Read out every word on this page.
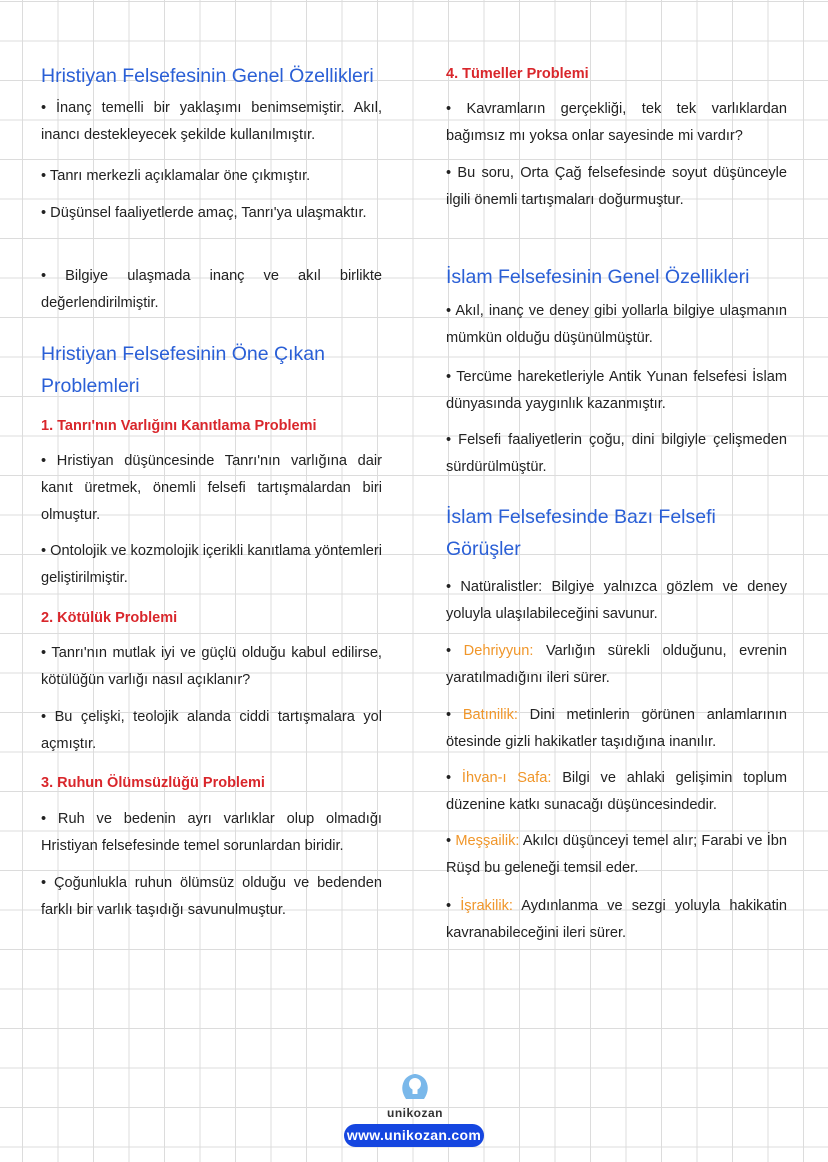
Hristiyan Felsefesinin Genel Özellikleri
• İnanç temelli bir yaklaşımı benimsemiştir. Akıl, inancı destekleyecek şekilde kullanılmıştır.
• Tanrı merkezli açıklamalar öne çıkmıştır.
• Düşünsel faaliyetlerde amaç, Tanrı'ya ulaşmaktır.
• Bilgiye ulaşmada inanç ve akıl birlikte değerlendirilmiştir.
Hristiyan Felsefesinin Öne Çıkan Problemleri
1. Tanrı'nın Varlığını Kanıtlama Problemi
• Hristiyan düşüncesinde Tanrı'nın varlığına dair kanıt üretmek, önemli felsefi tartışmalardan biri olmuştur.
• Ontolojik ve kozmolojik içerikli kanıtlama yöntemleri geliştirilmiştir.
2. Kötülük Problemi
• Tanrı'nın mutlak iyi ve güçlü olduğu kabul edilirse, kötülüğün varlığı nasıl açıklanır?
• Bu çelişki, teolojik alanda ciddi tartışmalara yol açmıştır.
3. Ruhun Ölümsüzlüğü Problemi
• Ruh ve bedenin ayrı varlıklar olup olmadığı Hristiyan felsefesinde temel sorunlardan biridir.
• Çoğunlukla ruhun ölümsüz olduğu ve bedenden farklı bir varlık taşıdığı savunulmuştur.
4. Tümeller Problemi
• Kavramların gerçekliği, tek tek varlıklardan bağımsız mı yoksa onlar sayesinde mi vardır?
• Bu soru, Orta Çağ felsefesinde soyut düşünceyle ilgili önemli tartışmaları doğurmuştur.
İslam Felsefesinin Genel Özellikleri
• Akıl, inanç ve deney gibi yollarla bilgiye ulaşmanın mümkün olduğu düşünülmüştür.
• Tercüme hareketleriyle Antik Yunan felsefesi İslam dünyasında yaygınlık kazanmıştır.
• Felsefi faaliyetlerin çoğu, dini bilgiyle çelişmeden sürdürülmüştür.
İslam Felsefesinde Bazı Felsefi Görüşler
• Natüralistler: Bilgiye yalnızca gözlem ve deney yoluyla ulaşılabileceğini savunur.
• Dehriyyun: Varlığın sürekli olduğunu, evrenin yaratılmadığını ileri sürer.
• Batınilik: Dini metinlerin görünen anlamlarının ötesinde gizli hakikatler taşıdığına inanılır.
• İhvan-ı Safa: Bilgi ve ahlaki gelişimin toplum düzenine katkı sunacağı düşüncesindedir.
• Meşşailik: Akılcı düşünceyi temel alır; Farabi ve İbn Rüşd bu geleneği temsil eder.
• İşrakilik: Aydınlanma ve sezgi yoluyla hakikatin kavranabileceğini ileri sürer.
unikozan
www.unikozan.com
